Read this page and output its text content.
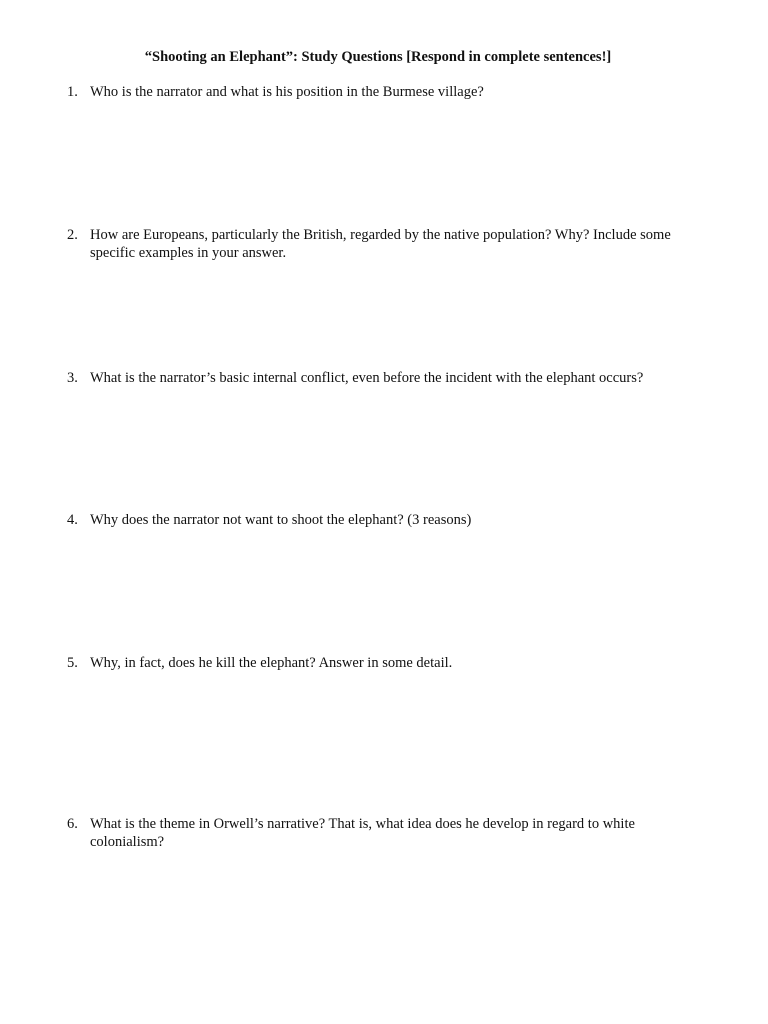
“Shooting an Elephant”: Study Questions [Respond in complete sentences!]
1. Who is the narrator and what is his position in the Burmese village?
2. How are Europeans, particularly the British, regarded by the native population? Why? Include some specific examples in your answer.
3. What is the narrator’s basic internal conflict, even before the incident with the elephant occurs?
4. Why does the narrator not want to shoot the elephant? (3 reasons)
5. Why, in fact, does he kill the elephant? Answer in some detail.
6. What is the theme in Orwell’s narrative? That is, what idea does he develop in regard to white colonialism?
